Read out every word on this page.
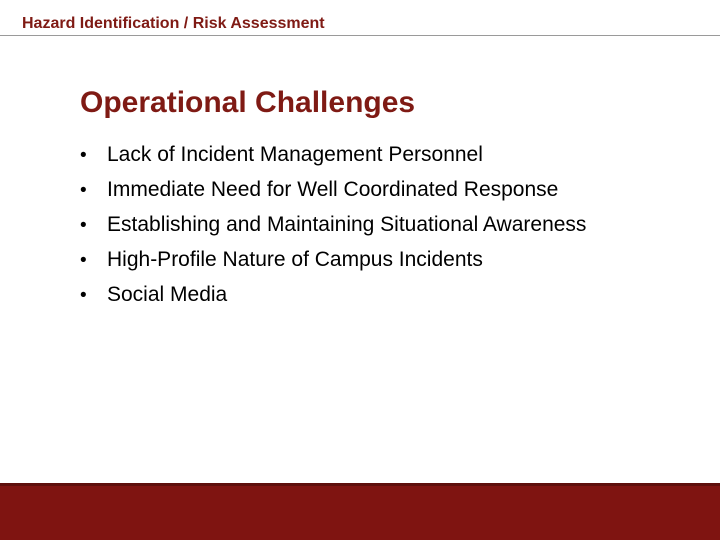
Hazard Identification / Risk Assessment
Operational Challenges
• Lack of Incident Management Personnel
• Immediate Need for Well Coordinated Response
• Establishing and Maintaining Situational Awareness
• High-Profile Nature of Campus Incidents
• Social Media
